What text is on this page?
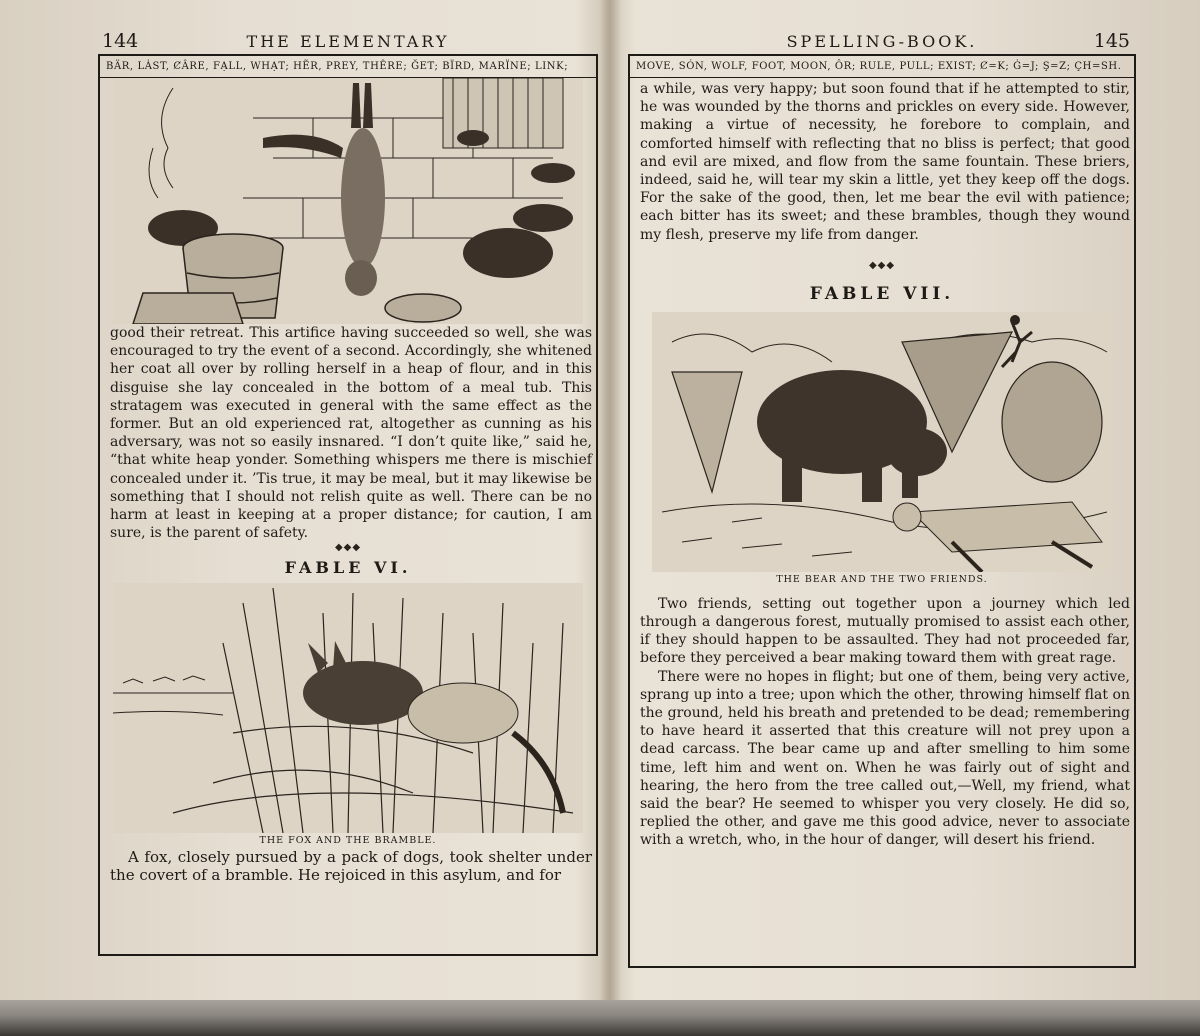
144	THE ELEMENTARY
BÄR, LȦST, ȻÂRE, FẠLL, WHẠT; HẼR, PREY, THÊRE; ĞET; BÏRD, MARÏNE; LINK;

good their retreat. This artifice having succeeded so well, she was encouraged to try the event of a second. Accordingly, she whitened her coat all over by rolling herself in a heap of flour, and in this disguise she lay concealed in the bottom of a meal tub. This stratagem was executed in general with the same effect as the former. But an old experienced rat, altogether as cunning as his adversary, was not so easily insnared. “I don’t quite like,” said he, “that white heap yonder. Something whispers me there is mischief concealed under it. ’Tis true, it may be meal, but it may likewise be something that I should not relish quite as well. There can be no harm at least in keeping at a proper distance; for caution, I am sure, is the parent of safety.

◆◆◆
FABLE VI.
THE FOX AND THE BRAMBLE.

A fox, closely pursued by a pack of dogs, took shelter under the covert of a bramble. He rejoiced in this asylum, and for

SPELLING-BOOK.	145
MOVE, SÓN, WOLF, FOOT, MOON, ÔR; RULE, PULL; EXIST; Ȼ=K; Ġ=J; Ş=Z; ÇH=SH.

a while, was very happy; but soon found that if he attempted to stir, he was wounded by the thorns and prickles on every side. However, making a virtue of necessity, he forebore to complain, and comforted himself with reflecting that no bliss is perfect; that good and evil are mixed, and flow from the same fountain. These briers, indeed, said he, will tear my skin a little, yet they keep off the dogs. For the sake of the good, then, let me bear the evil with patience; each bitter has its sweet; and these brambles, though they wound my flesh, preserve my life from danger.

◆◆◆
FABLE VII.
THE BEAR AND THE TWO FRIENDS.

Two friends, setting out together upon a journey which led through a dangerous forest, mutually promised to assist each other, if they should happen to be assaulted. They had not proceeded far, before they perceived a bear making toward them with great rage.

There were no hopes in flight; but one of them, being very active, sprang up into a tree; upon which the other, throwing himself flat on the ground, held his breath and pretended to be dead; remembering to have heard it asserted that this creature will not prey upon a dead carcass. The bear came up and after smelling to him some time, left him and went on. When he was fairly out of sight and hearing, the hero from the tree called out,—Well, my friend, what said the bear? He seemed to whisper you very closely. He did so, replied the other, and gave me this good advice, never to associate with a wretch, who, in the hour of danger, will desert his friend.
